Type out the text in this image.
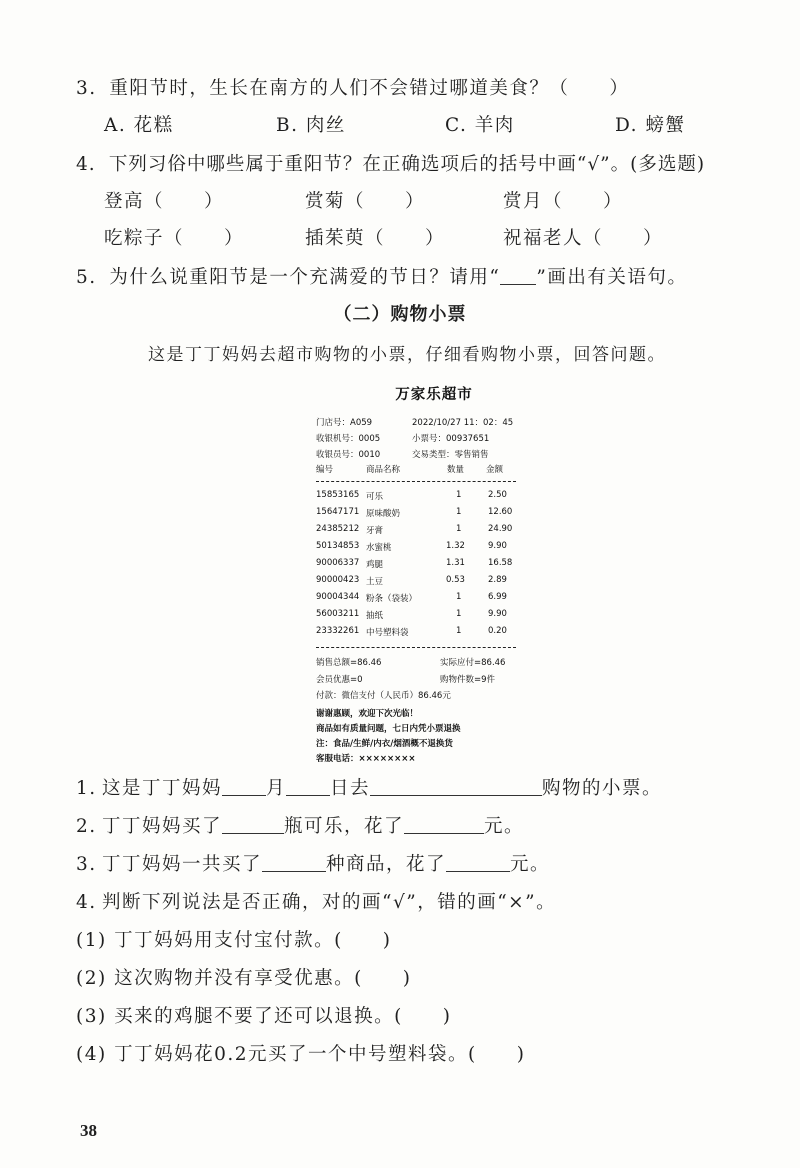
3. 重阳节时，生长在南方的人们不会错过哪道美食？（　　）
A. 花糕	B. 肉丝	C. 羊肉	D. 螃蟹
4. 下列习俗中哪些属于重阳节？在正确选项后的括号中画“√”。(多选题)
登高（　　）	赏菊（　　）	赏月（　　）
吃粽子（　　）	插茱萸（　　）	祝福老人（　　）
5. 为什么说重阳节是一个充满爱的节日？请用“ ”画出有关语句。
（二）购物小票
这是丁丁妈妈去超市购物的小票，仔细看购物小票，回答问题。
万家乐超市
门店号：A059	2022/10/27 11：02：45
收银机号：0005	小票号：00937651
收银员号：0010	交易类型：零售销售
编号	商品名称	数量	金额
15853165 可乐	1	2.50
15647171 原味酸奶	1	12.60
24385212 牙膏	1	24.90
50134853 水蜜桃	1.32	9.90
90006337 鸡腿	1.31	16.58
90000423 土豆	0.53	2.89
90004344 粉条（袋装）	1	6.99
56003211 抽纸	1	9.90
23332261 中号塑料袋	1	0.20
销售总额=86.46	实际应付=86.46
会员优惠=0	购物件数=9件
付款：微信支付（人民币）86.46元
谢谢惠顾，欢迎下次光临！
商品如有质量问题，七日内凭小票退换
注：食品/生鲜/内衣/烟酒概不退换货
客服电话：××××××××
1. 这是丁丁妈妈 月 日去	购物的小票。
2. 丁丁妈妈买了	瓶可乐，花了	元。
3. 丁丁妈妈一共买了	种商品，花了	元。
4. 判断下列说法是否正确，对的画“√”，错的画“×”。
(1) 丁丁妈妈用支付宝付款。(　　)
(2) 这次购物并没有享受优惠。(　　)
(3) 买来的鸡腿不要了还可以退换。(　　)
(4) 丁丁妈妈花0.2元买了一个中号塑料袋。(　　)
38
